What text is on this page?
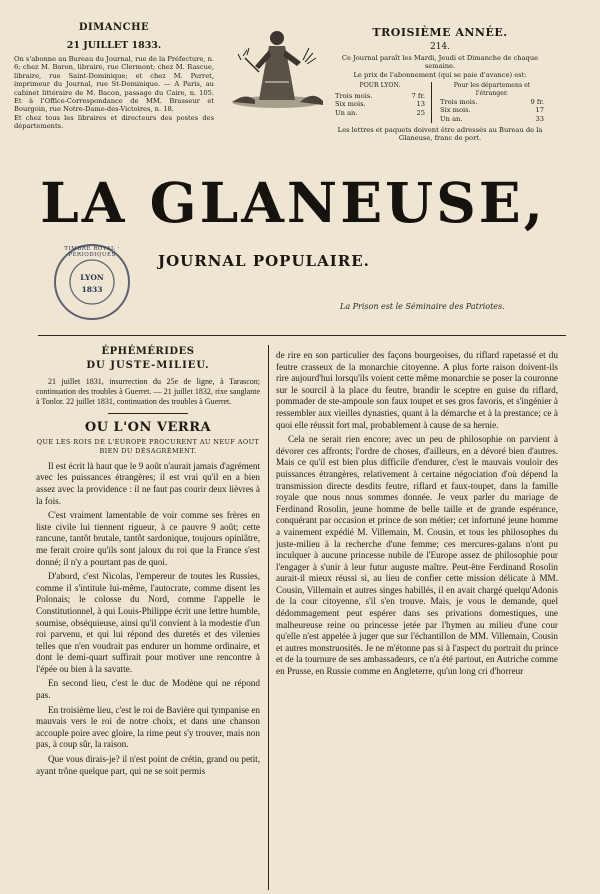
DIMANCHE
21 JUILLET 1833.
On s'abonne au Bureau du Journal, rue de la Préfecture, n. 6; chez M. Baron, libraire, rue Clermont; chez M. Rascue, libraire, rue Saint-Dominique; et chez M. Perret, imprimeur du Journal, rue St-Dominique. — A Paris, au cabinet littéraire de M. Bacon, passage du Caire, n. 105. Et à l'Office-Correspondance de MM. Brasseur et Bourgoin, rue Notre-Dame-des-Victoires, n. 18.
Et chez tous les libraires et directeurs des postes des départements.
TROISIÈME ANNÉE.
214.
Ce Journal paraît les Mardi, Jeudi et Dimanche de chaque semaine.
Le prix de l'abonnement (qui se paie d'avance) est:
POUR LYON.
Trois mois.	7 fr.
Six mois.	13
Un an.	25
Pour les départemens et l'étranger.
Trois mois.	9 fr.
Six mois.	17
Un an.	33
Les lettres et paquets doivent être adressés au Bureau de la Glaneuse, franc de port.
LA GLANEUSE,
JOURNAL POPULAIRE.
La Prison est le Séminaire des Patriotes.
TIMBRE ROYAL · PÉRIODIQUES
LYON
1833
ÉPHÉMÉRIDES
DU JUSTE-MILIEU.
21 juillet 1831, insurrection du 25e de ligne, à Tarascon; continuation des troubles à Guerret. — 21 juillet 1832, rixe sanglante à Tonlor. 22 juillet 1831, continuation des troubles à Guerret.
OU L'ON VERRA
QUE LES ROIS DE L'EUROPE PROCURENT AU NEUF AOUT BIEN DU DÉSAGRÉMENT.

Il est écrit là haut que le 9 août n'aurait jamais d'agrément avec les puissances étrangères; il est vrai qu'il en a bien assez avec la providence : il ne faut pas courir deux lièvres à la fois.

C'est vraiment lamentable de voir comme ses frères en liste civile lui tiennent rigueur, à ce pauvre 9 août; cette rancune, tantôt brutale, tantôt sardonique, toujours opiniâtre, me ferait croire qu'ils sont jaloux du roi que la France s'est donné; il n'y a pourtant pas de quoi.

D'abord, c'est Nicolas, l'empereur de toutes les Russies, comme il s'intitule lui-même, l'autocrate, comme disent les Polonais; le colosse du Nord, comme l'appelle le Constitutionnel, à qui Louis-Philippe écrit une lettre humble, soumise, obséquieuse, ainsi qu'il convient à la modestie d'un roi parvenu, et qui lui répond des duretés et des vilenies telles que n'en voudrait pas endurer un homme ordinaire, et dont le demi-quart suffirait pour motiver une rencontre à l'épée ou bien à la savatte.

En second lieu, c'est le duc de Modène qui ne répond pas.

En troisième lieu, c'est le roi de Bavière qui tympanise en mauvais vers le roi de notre choix, et dans une chanson accouple poire avec gloire, la rime peut s'y trouver, mais non pas, à coup sûr, la raison.

Que vous dirais-je? il n'est point de crétin, grand ou petit, ayant trône quelque part, qui ne se soit permis

de rire en son particulier des façons bourgeoises, du riflard rapetassé et du feutre crasseux de la monarchie citoyenne. A plus forte raison doivent-ils rire aujourd'hui lorsqu'ils voient cette même monarchie se poser la couronne sur le sourcil à la place du feutre, brandir le sceptre en guise du riflard, pommader de ste-ampoule son faux toupet et ses gros favoris, et s'ingénier à ressembler aux vieilles dynasties, quant à la démarche et à la prestance; ce à quoi elle réussit fort mal, probablement à cause de sa hernie.

Cela ne serait rien encore; avec un peu de philosophie on parvient à dévorer ces affronts; l'ordre de choses, d'ailleurs, en a dévoré bien d'autres. Mais ce qu'il est bien plus difficile d'endurer, c'est le mauvais vouloir des puissances étrangères, relativement à certaine négociation d'où dépend la transmission directe desdits feutre, riflard et faux-toupet, dans la famille royale que nous nous sommes donnée. Je veux parler du mariage de Ferdinand Rosolin, jeune homme de belle taille et de grande espérance, conquérant par occasion et prince de son métier; cet infortuné jeune homme a vainement expédié M. Villemain, M. Cousin, et tous les philosophes du juste-milieu à la recherche d'une femme; ces mercures-galans n'ont pu inculquer à aucune princesse nubile de l'Europe assez de philosophie pour l'engager à s'unir à leur futur auguste maître. Peut-être Ferdinand Rosolin aurait-il mieux réussi si, au lieu de confier cette mission délicate à MM. Cousin, Villemain et autres singes habillés, il en avait chargé quelqu'Adonis de la cour citoyenne, s'il s'en trouve. Mais, je vous le demande, quel dédommagement peut espérer dans ses privations domestiques, une malheureuse reine ou princesse jetée par l'hymen au milieu d'une cour qu'elle n'est appelée à juger que sur l'échantillon de MM. Villemain, Cousin et autres monstruosités. Je ne m'étonne pas si à l'aspect du portrait du prince et de la tournure de ses ambassadeurs, ce n'a été partout, en Autriche comme en Prusse, en Russie comme en Angleterre, qu'un long cri d'horreur
